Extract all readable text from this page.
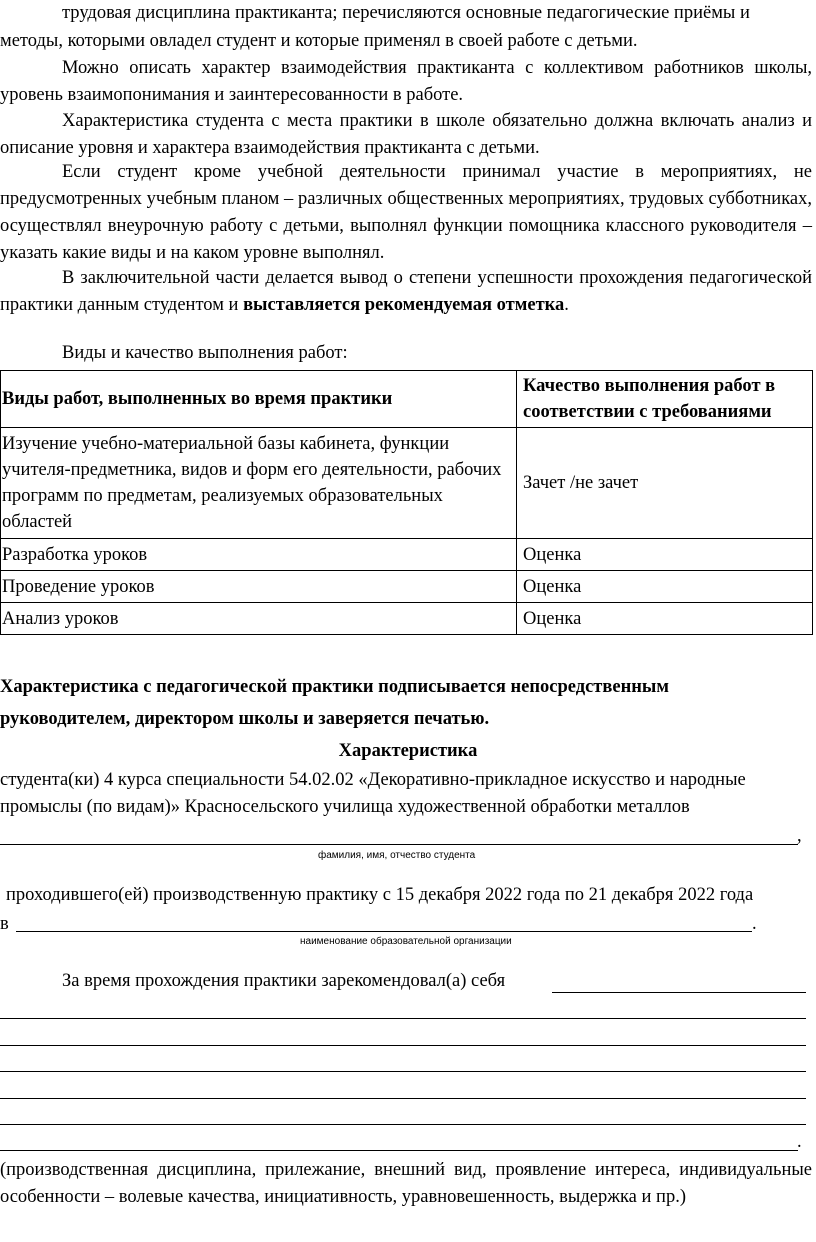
трудовая дисциплина практиканта; перечисляются основные педагогические приёмы и
методы, которыми овладел студент и которые применял в своей работе с детьми.

Можно описать характер взаимодействия практиканта с коллективом работников школы, уровень взаимопонимания и заинтересованности в работе.

Характеристика студента с места практики в школе обязательно должна включать анализ и описание уровня и характера взаимодействия практиканта с детьми.

Если студент кроме учебной деятельности принимал участие в мероприятиях, не предусмотренных учебным планом – различных общественных мероприятиях, трудовых субботниках, осуществлял внеурочную работу с детьми, выполнял функции помощника классного руководителя – указать какие виды и на каком уровне выполнял.

В заключительной части делается вывод о степени успешности прохождения педагогической практики данным студентом и выставляется рекомендуемая отметка.

Виды и качество выполнения работ:
Виды работ, выполненных во время практики	Качество выполнения работ в соответствии с требованиями
Изучение учебно-материальной базы кабинета, функции учителя-предметника, видов и форм его деятельности, рабочих программ по предметам, реализуемых образовательных областей	Зачет /не зачет
Разработка уроков	Оценка
Проведение уроков	Оценка
Анализ уроков	Оценка
Характеристика с педагогической практики подписывается непосредственным
руководителем, директором школы и заверяется печатью.
Характеристика
студента(ки) 4 курса специальности 54.02.02 «Декоративно-прикладное искусство и народные
промыслы (по видам)» Красносельского училища художественной обработки металлов
,
фамилия, имя, отчество студента
проходившего(ей) производственную практику с 15 декабря 2022 года по 21 декабря 2022 года
в	.
наименование образовательной организации
За время прохождения практики зарекомендовал(а) себя
.

(производственная дисциплина, прилежание, внешний вид, проявление интереса, индивидуальные особенности – волевые качества, инициативность, уравновешенность, выдержка и пр.)
